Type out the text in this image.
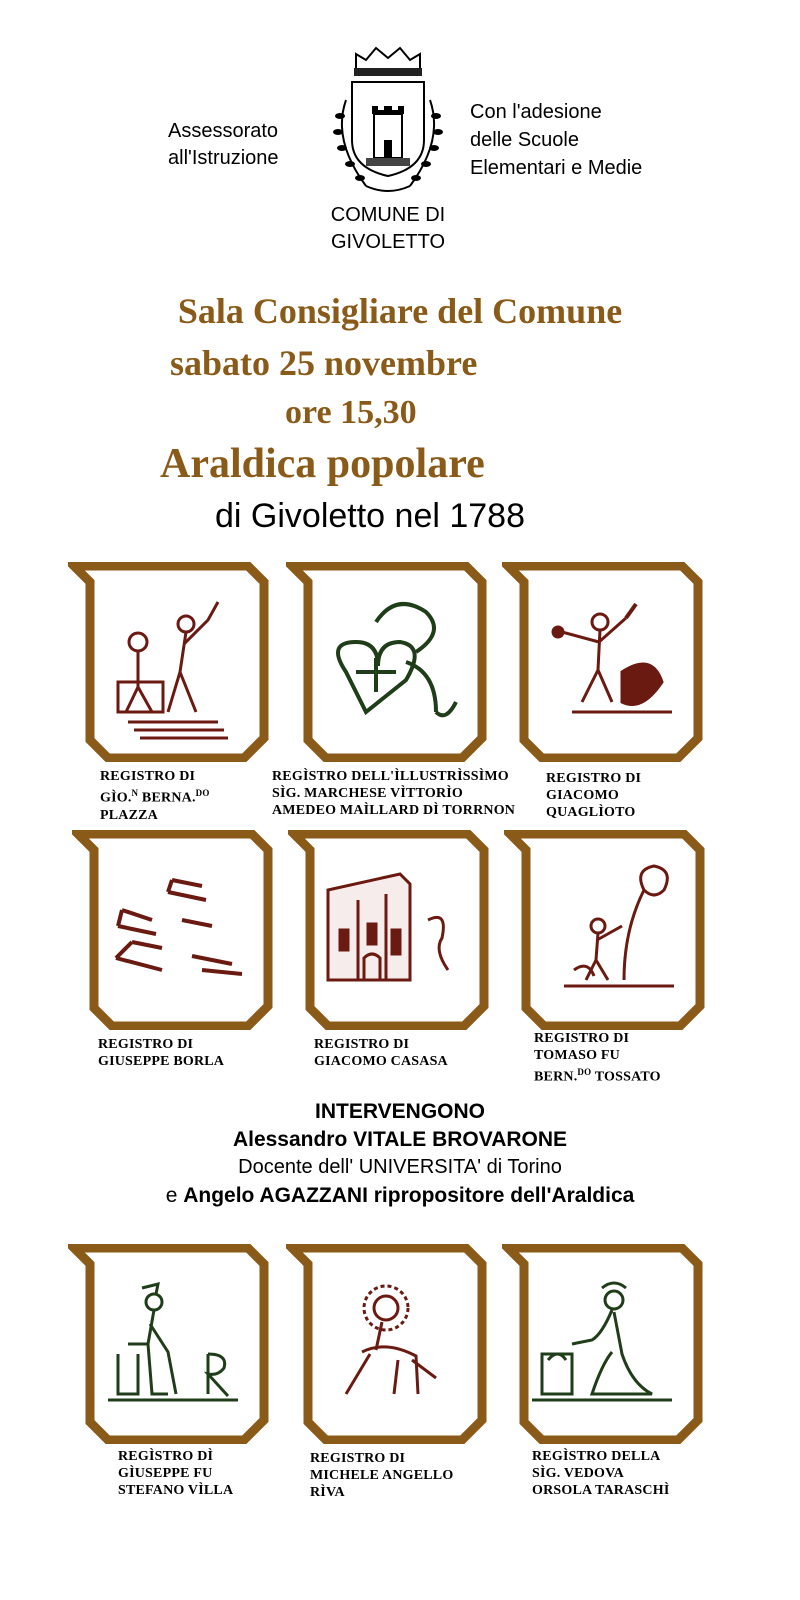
Assessorato
all'Istruzione
Con l'adesione
delle Scuole
Elementari e Medie
COMUNE DI
GIVOLETTO
Sala Consigliare del Comune
sabato 25 novembre
ore 15,30
Araldica popolare
di Givoletto nel 1788
REGISTRO DI
GÌO.$^N$ BERNA.$^{DO}$
PLAZZA
REGÌSTRO DELL'ÌLLUSTRÌSSÌMO
SÌG. MARCHESE VÌTTORÌO
AMEDEO MAÌLLARD DÌ TORRNON
REGISTRO DI
GIACOMO
QUAGLÌOTO
REGISTRO DI
GIUSEPPE BORLA
REGISTRO DI
GIACOMO CASASA
REGISTRO DI
TOMASO FU
BERN.$^{DO}$ TOSSATO
INTERVENGONO
Alessandro VITALE BROVARONE
Docente dell' UNIVERSITA' di Torino
e Angelo AGAZZANI ripropositore dell'Araldica
REGÌSTRO DÌ
GÌUSEPPE FU
STEFANO VÌLLA
REGISTRO DI
MICHELE ANGELLO
RÌVA
REGÌSTRO DELLA
SÌG. VEDOVA
ORSOLA TARASCHÌ
